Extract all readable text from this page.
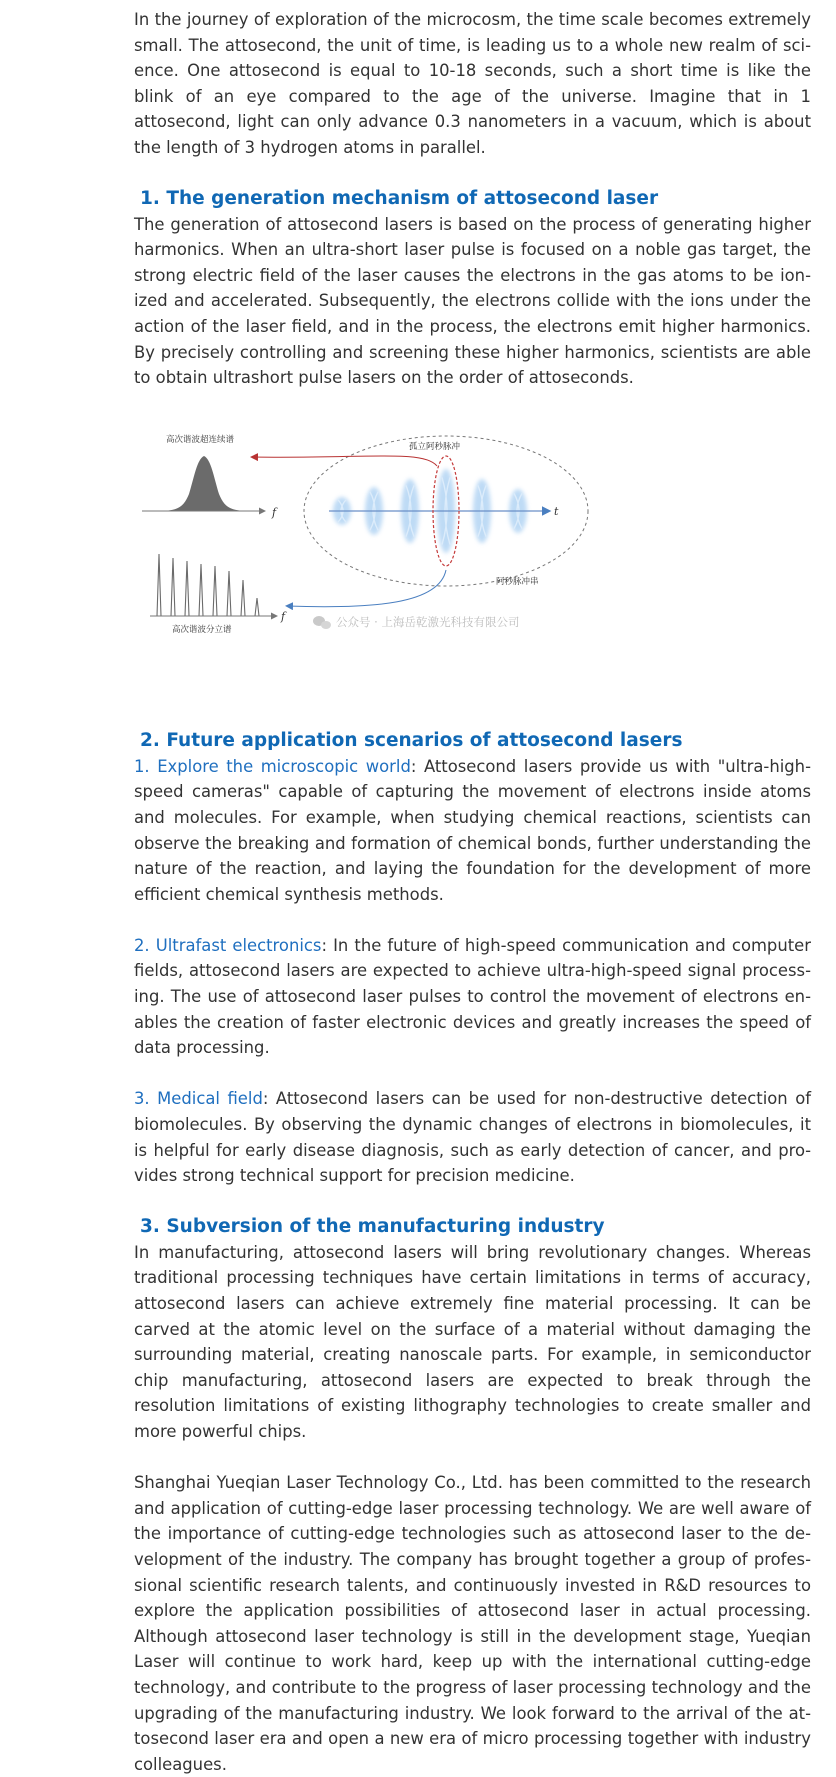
In the journey of exploration of the microcosm, the time scale becomes extremely small. The attosecond, the unit of time, is leading us to a whole new realm of science. One attosecond is equal to 10-18 seconds, such a short time is like the blink of an eye compared to the age of the universe. Imagine that in 1 attosecond, light can only advance 0.3 nanometers in a vacuum, which is about the length of 3 hydrogen atoms in parallel.

1. The generation mechanism of attosecond laser

The generation of attosecond lasers is based on the process of generating higher harmonics. When an ultra-short laser pulse is focused on a noble gas target, the strong electric field of the laser causes the electrons in the gas atoms to be ionized and accelerated. Subsequently, the electrons collide with the ions under the action of the laser field, and in the process, the electrons emit higher harmonics. By precisely controlling and screening these higher harmonics, scientists are able to obtain ultrashort pulse lasers on the order of attoseconds.

高次谐波超连续谱
f
f
高次谐波分立谱
t
孤立阿秒脉冲
阿秒脉冲串
公众号 · 上海岳乾激光科技有限公司
2. Future application scenarios of attosecond lasers

1. Explore the microscopic world: Attosecond lasers provide us with "ultra-high-speed cameras" capable of capturing the movement of electrons inside atoms and molecules. For example, when studying chemical reactions, scientists can observe the breaking and formation of chemical bonds, further understanding the nature of the reaction, and laying the foundation for the development of more efficient chemical synthesis methods.

2. Ultrafast electronics: In the future of high-speed communication and computer fields, attosecond lasers are expected to achieve ultra-high-speed signal processing. The use of attosecond laser pulses to control the movement of electrons enables the creation of faster electronic devices and greatly increases the speed of data processing.

3. Medical field: Attosecond lasers can be used for non-destructive detection of biomolecules. By observing the dynamic changes of electrons in biomolecules, it is helpful for early disease diagnosis, such as early detection of cancer, and provides strong technical support for precision medicine.

3. Subversion of the manufacturing industry

In manufacturing, attosecond lasers will bring revolutionary changes. Whereas traditional processing techniques have certain limitations in terms of accuracy, attosecond lasers can achieve extremely fine material processing. It can be carved at the atomic level on the surface of a material without damaging the surrounding material, creating nanoscale parts. For example, in semiconductor chip manufacturing, attosecond lasers are expected to break through the resolution limitations of existing lithography technologies to create smaller and more powerful chips.

Shanghai Yueqian Laser Technology Co., Ltd. has been committed to the research and application of cutting-edge laser processing technology. We are well aware of the importance of cutting-edge technologies such as attosecond laser to the development of the industry. The company has brought together a group of professional scientific research talents, and continuously invested in R&D resources to explore the application possibilities of attosecond laser in actual processing. Although attosecond laser technology is still in the development stage, Yueqian Laser will continue to work hard, keep up with the international cutting-edge technology, and contribute to the progress of laser processing technology and the upgrading of the manufacturing industry. We look forward to the arrival of the attosecond laser era and open a new era of micro processing together with industry colleagues.
